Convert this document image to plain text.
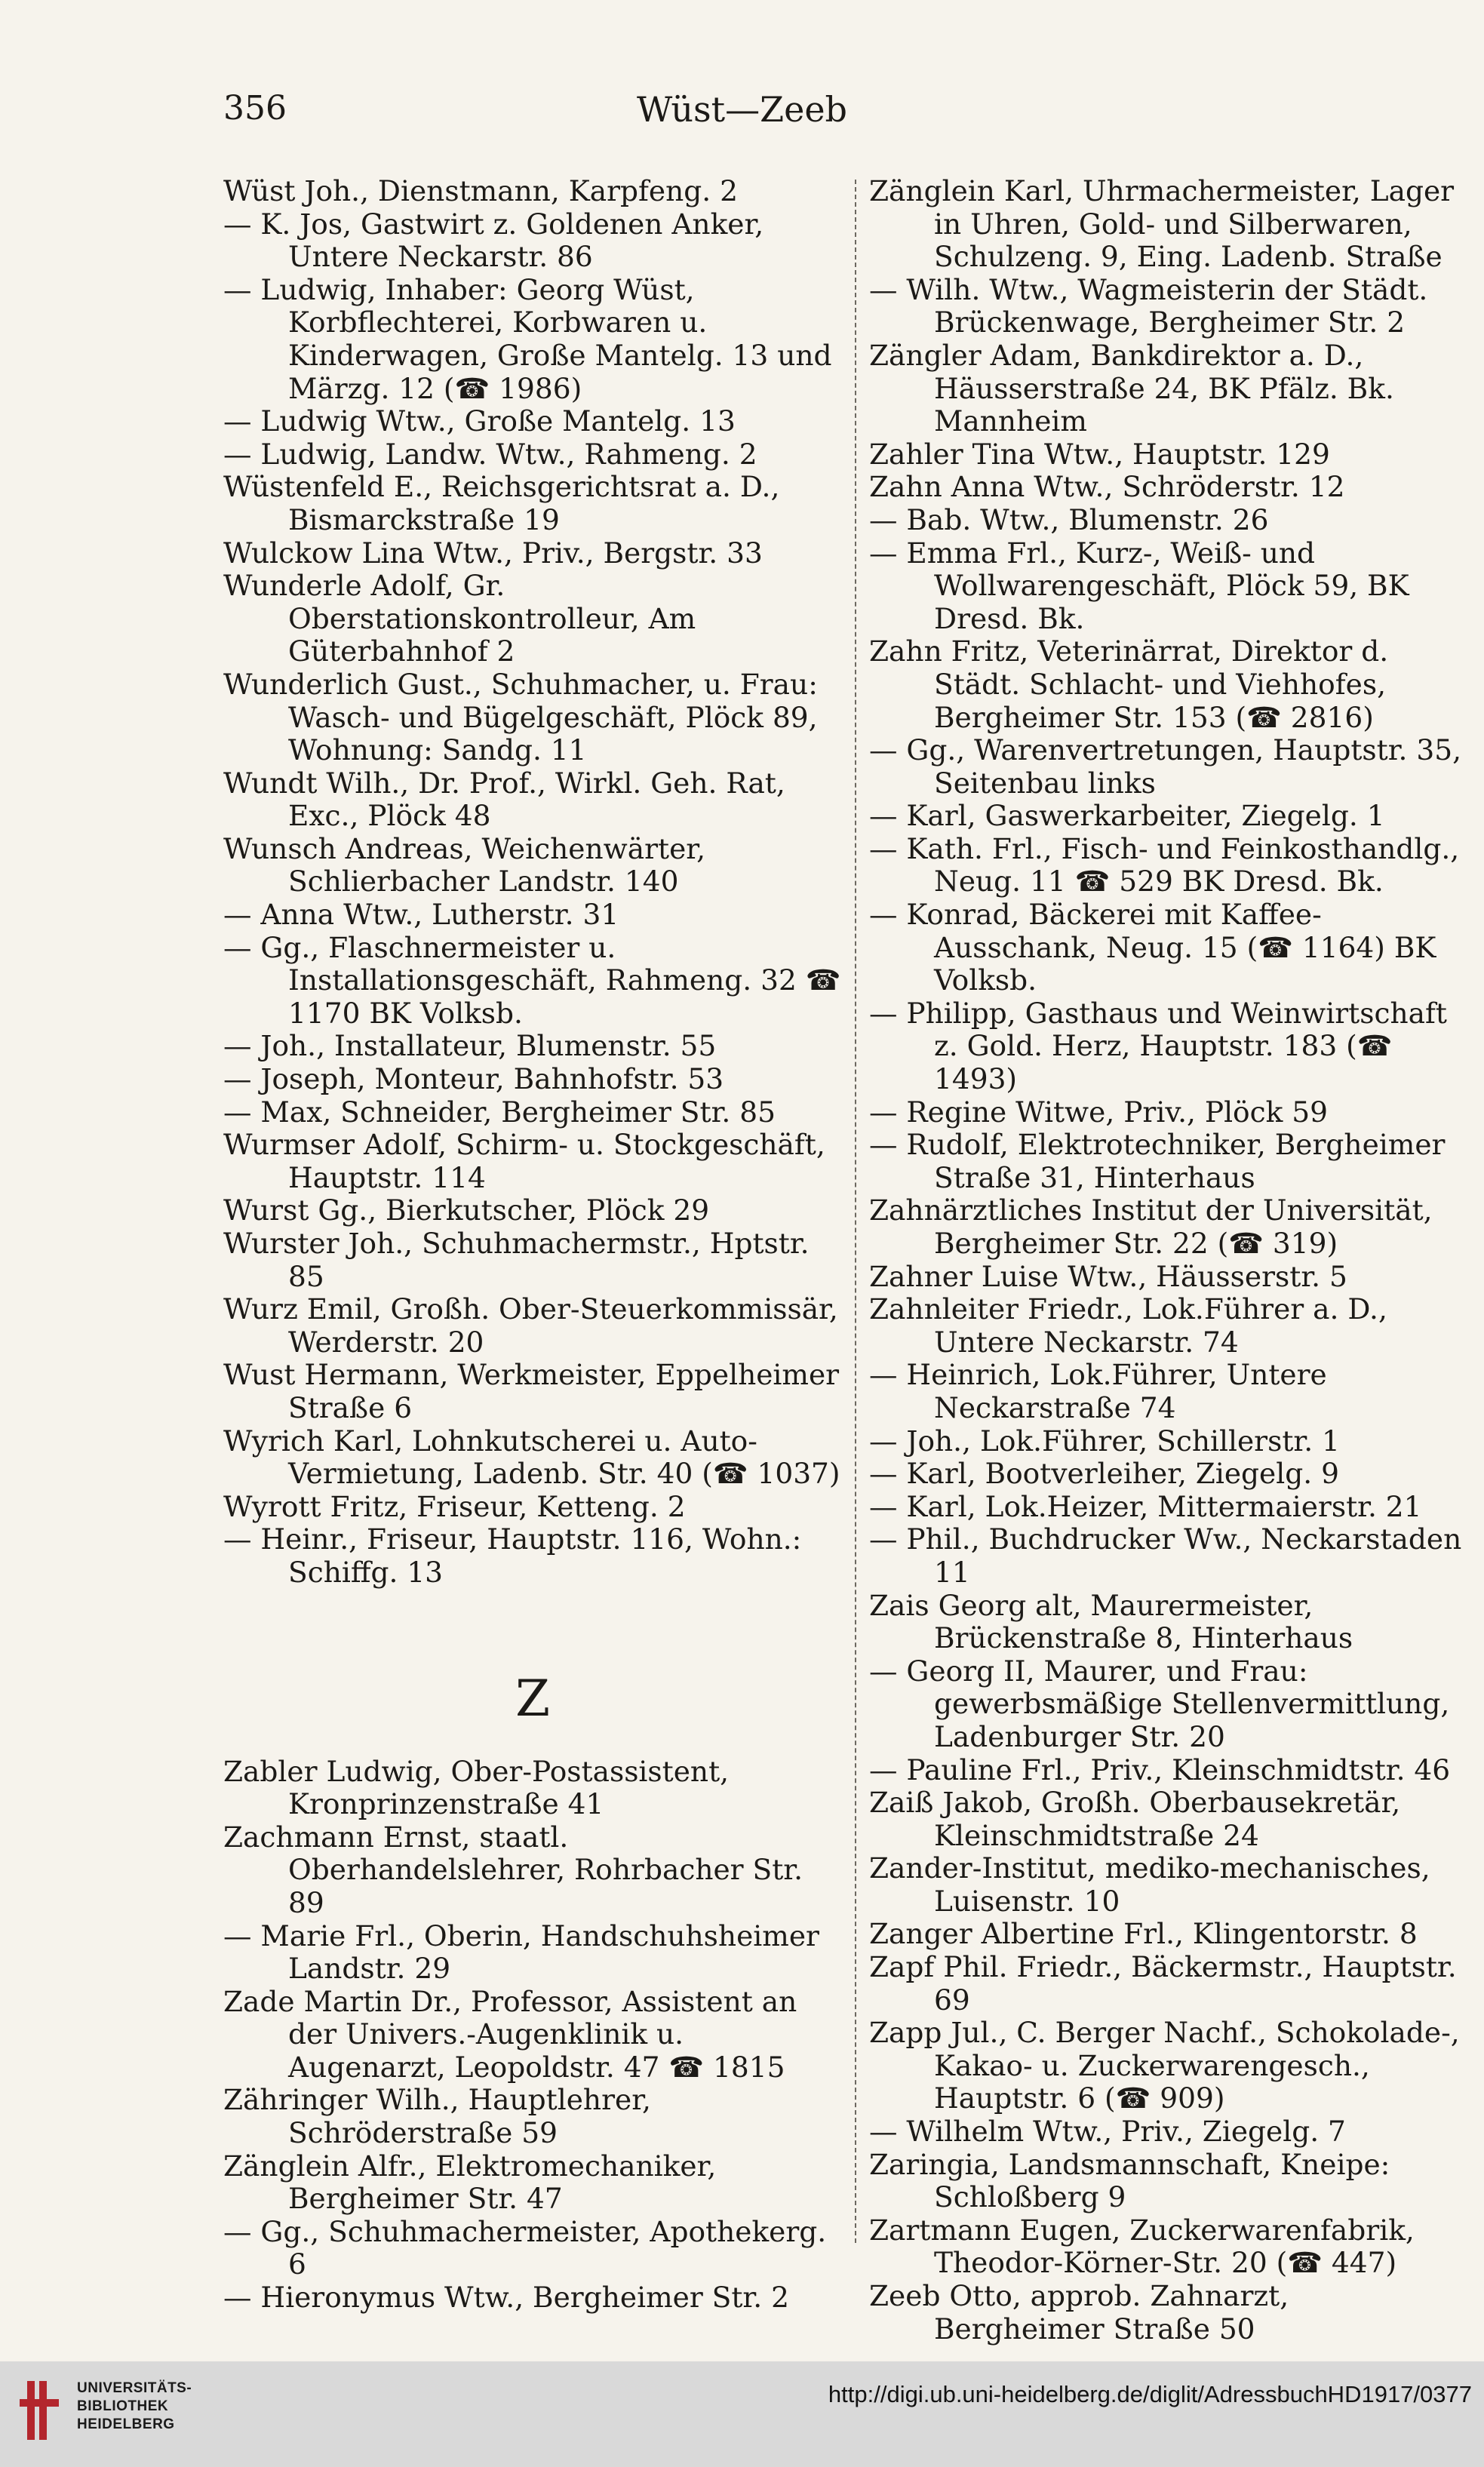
356	Wüst—Zeeb
Wüst Joh., Dienstmann, Karpfeng. 2
— K. Jos, Gastwirt z. Goldenen Anker, Untere Neckarstr. 86
— Ludwig, Inhaber: Georg Wüst, Korbflechterei, Korbwaren u. Kinderwagen, Große Mantelg. 13 und Märzg. 12 (☎ 1986)
— Ludwig Wtw., Große Mantelg. 13
— Ludwig, Landw. Wtw., Rahmeng. 2
Wüstenfeld E., Reichsgerichtsrat a. D., Bismarckstraße 19
Wulckow Lina Wtw., Priv., Bergstr. 33
Wunderle Adolf, Gr. Oberstationskontrolleur, Am Güterbahnhof 2
Wunderlich Gust., Schuhmacher, u. Frau: Wasch- und Bügelgeschäft, Plöck 89, Wohnung: Sandg. 11
Wundt Wilh., Dr. Prof., Wirkl. Geh. Rat, Exc., Plöck 48
Wunsch Andreas, Weichenwärter, Schlierbacher Landstr. 140
— Anna Wtw., Lutherstr. 31
— Gg., Flaschnermeister u. Installationsgeschäft, Rahmeng. 32 ☎ 1170 BK Volksb.
— Joh., Installateur, Blumenstr. 55
— Joseph, Monteur, Bahnhofstr. 53
— Max, Schneider, Bergheimer Str. 85
Wurmser Adolf, Schirm- u. Stockgeschäft, Hauptstr. 114
Wurst Gg., Bierkutscher, Plöck 29
Wurster Joh., Schuhmachermstr., Hptstr. 85
Wurz Emil, Großh. Ober-Steuerkommissär, Werderstr. 20
Wust Hermann, Werkmeister, Eppelheimer Straße 6
Wyrich Karl, Lohnkutscherei u. Auto-Vermietung, Ladenb. Str. 40 (☎ 1037)
Wyrott Fritz, Friseur, Ketteng. 2
— Heinr., Friseur, Hauptstr. 116, Wohn.: Schiffg. 13
Z
Zabler Ludwig, Ober-Postassistent, Kronprinzenstraße 41
Zachmann Ernst, staatl. Oberhandelslehrer, Rohrbacher Str. 89
— Marie Frl., Oberin, Handschuhsheimer Landstr. 29
Zade Martin Dr., Professor, Assistent an der Univers.-Augenklinik u. Augenarzt, Leopoldstr. 47 ☎ 1815
Zähringer Wilh., Hauptlehrer, Schröderstraße 59
Zänglein Alfr., Elektromechaniker, Bergheimer Str. 47
— Gg., Schuhmachermeister, Apothekerg. 6
— Hieronymus Wtw., Bergheimer Str. 2
Zänglein Karl, Uhrmachermeister, Lager in Uhren, Gold- und Silberwaren, Schulzeng. 9, Eing. Ladenb. Straße
— Wilh. Wtw., Wagmeisterin der Städt. Brückenwage, Bergheimer Str. 2
Zängler Adam, Bankdirektor a. D., Häusserstraße 24, BK Pfälz. Bk. Mannheim
Zahler Tina Wtw., Hauptstr. 129
Zahn Anna Wtw., Schröderstr. 12
— Bab. Wtw., Blumenstr. 26
— Emma Frl., Kurz-, Weiß- und Wollwarengeschäft, Plöck 59, BK Dresd. Bk.
Zahn Fritz, Veterinärrat, Direktor d. Städt. Schlacht- und Viehhofes, Bergheimer Str. 153 (☎ 2816)
— Gg., Warenvertretungen, Hauptstr. 35, Seitenbau links
— Karl, Gaswerkarbeiter, Ziegelg. 1
— Kath. Frl., Fisch- und Feinkosthandlg., Neug. 11 ☎ 529 BK Dresd. Bk.
— Konrad, Bäckerei mit Kaffee-Ausschank, Neug. 15 (☎ 1164) BK Volksb.
— Philipp, Gasthaus und Weinwirtschaft z. Gold. Herz, Hauptstr. 183 (☎ 1493)
— Regine Witwe, Priv., Plöck 59
— Rudolf, Elektrotechniker, Bergheimer Straße 31, Hinterhaus
Zahnärztliches Institut der Universität, Bergheimer Str. 22 (☎ 319)
Zahner Luise Wtw., Häusserstr. 5
Zahnleiter Friedr., Lok.Führer a. D., Untere Neckarstr. 74
— Heinrich, Lok.Führer, Untere Neckarstraße 74
— Joh., Lok.Führer, Schillerstr. 1
— Karl, Bootverleiher, Ziegelg. 9
— Karl, Lok.Heizer, Mittermaierstr. 21
— Phil., Buchdrucker Ww., Neckarstaden 11
Zais Georg alt, Maurermeister, Brückenstraße 8, Hinterhaus
— Georg II, Maurer, und Frau: gewerbsmäßige Stellenvermittlung, Ladenburger Str. 20
— Pauline Frl., Priv., Kleinschmidtstr. 46
Zaiß Jakob, Großh. Oberbausekretär, Kleinschmidtstraße 24
Zander-Institut, mediko-mechanisches, Luisenstr. 10
Zanger Albertine Frl., Klingentorstr. 8
Zapf Phil. Friedr., Bäckermstr., Hauptstr. 69
Zapp Jul., C. Berger Nachf., Schokolade-, Kakao- u. Zuckerwarengesch., Hauptstr. 6 (☎ 909)
— Wilhelm Wtw., Priv., Ziegelg. 7
Zaringia, Landsmannschaft, Kneipe: Schloßberg 9
Zartmann Eugen, Zuckerwarenfabrik, Theodor-Körner-Str. 20 (☎ 447)
Zeeb Otto, approb. Zahnarzt, Bergheimer Straße 50
UNIVERSITÄTS-
BIBLIOTHEK
HEIDELBERG
http://digi.ub.uni-heidelberg.de/diglit/AdressbuchHD1917/0377
